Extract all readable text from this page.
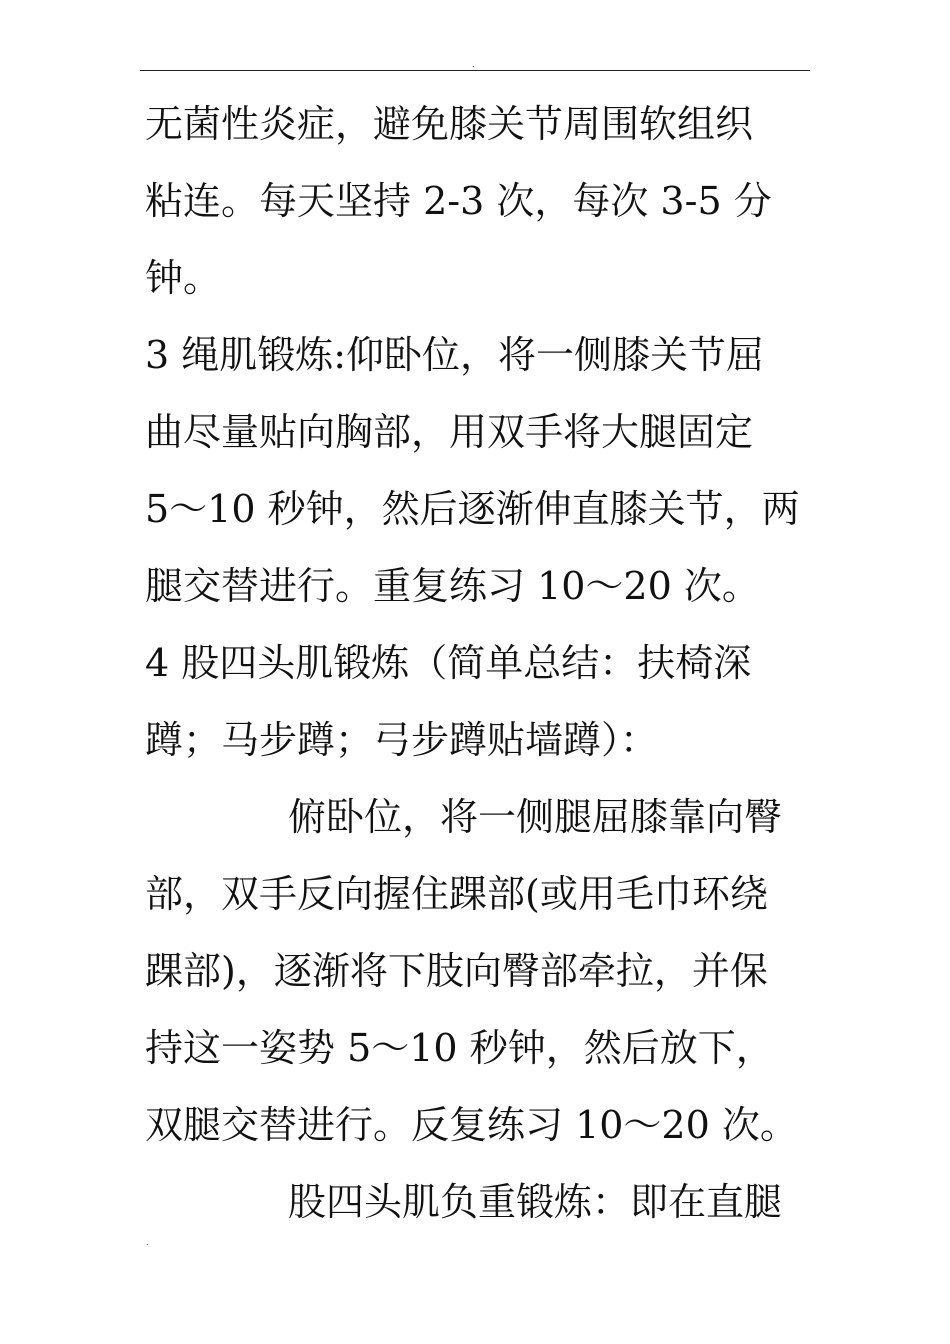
.
无菌性炎症，避免膝关节周围软组织
粘连。每天坚持 2-3 次，每次 3-5 分
钟。
3 绳肌锻炼:仰卧位，将一侧膝关节屈
曲尽量贴向胸部，用双手将大腿固定
5～10 秒钟，然后逐渐伸直膝关节，两
腿交替进行。重复练习 10～20 次。
4 股四头肌锻炼（简单总结：扶椅深
蹲；马步蹲；弓步蹲贴墙蹲）：
俯卧位，将一侧腿屈膝靠向臀
部，双手反向握住踝部(或用毛巾环绕
踝部)，逐渐将下肢向臀部牵拉，并保
持这一姿势 5～10 秒钟，然后放下，
双腿交替进行。反复练习 10～20 次。
股四头肌负重锻炼：即在直腿
.
